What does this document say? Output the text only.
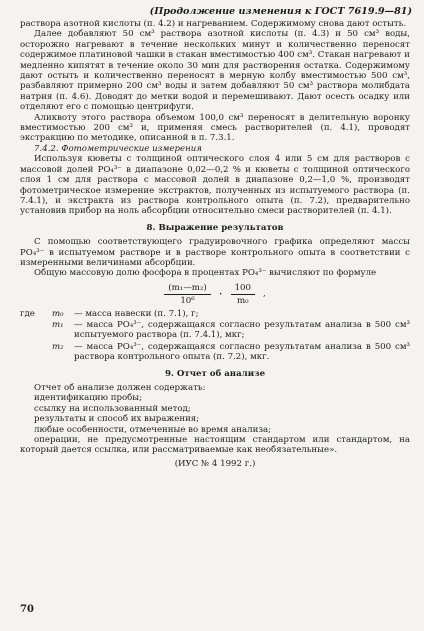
(Продолжение изменения к ГОСТ 7619.9—81)

раствора азотной кислоты (п. 4.2) и нагреванием. Содержимому снова дают остыть.

Далее добавляют 50 см³ раствора азотной кислоты (п. 4.3) и 50 см³ воды, осторожно нагревают в течение нескольких минут и количественно переносят содержимое платиновой чашки в стакан вместимостью 400 см³. Стакан нагревают и медленно кипятят в течение около 30 мин для растворения остатка. Содержимому дают остыть и количественно переносят в мерную колбу вместимостью 500 см³, разбавляют примерно 200 см³ воды и затем добавляют 50 см³ раствора молибдата натрия (п. 4.6). Доводят до метки водой и перемешивают. Дают осесть осадку или отделяют его с помощью центрифуги.

Аликвоту этого раствора объемом 100,0 см³ переносят в делительную воронку вместимостью 200 см³ и, применяя смесь растворителей (п. 4.1), проводят экстракцию по методике, описанной в п. 7.3.1.

7.4.2. Фотометрические измерения

Используя кюветы с толщиной оптического слоя 4 или 5 см для растворов с массовой долей PO₄³⁻ в диапазоне 0,02—0,2 % и кюветы с толщиной оптического слоя 1 см для раствора с массовой долей в диапазоне 0,2—1,0 %, производят фотометрическое измерение экстрактов, полученных из испытуемого раствора (п. 7.4.1), и экстракта из раствора контрольного опыта (п. 7.2), предварительно установив прибор на ноль абсорбции относительно смеси растворителей (п. 4.1).

8. Выражение результатов

С помощью соответствующего градуировочного графика определяют массы PO₄³⁻ в испытуемом растворе и в растворе контрольного опыта в соответствии с измеренными величинами абсорбции.

Общую массовую долю фосфора в процентах PO₄³⁻ вычисляют по формуле

$\frac{\text{(m₁—m₂)}}{\text{10⁶}} \cdot \frac{100}{\text{m₀}}$ ,
где	m₀	— масса навески (п. 7.1), г;
m₁	— масса PO₄³⁻, содержащаяся согласно результатам анализа в 500 см³ испытуемого раствора (п. 7.4.1), мкг;
m₂	— масса PO₄³⁻, содержащаяся согласно результатам анализа в 500 см³ раствора контрольного опыта (п. 7.2), мкг.
9. Отчет об анализе

Отчет об анализе должен содержать:

идентификацию пробы;
ссылку на использованный метод;
результаты и способ их выражения;
любые особенности, отмеченные во время анализа;
операции, не предусмотренные настоящим стандартом или стандартом, на который дается ссылка, или рассматриваемые как необязательные».
(ИУС № 4 1992 г.)
70
